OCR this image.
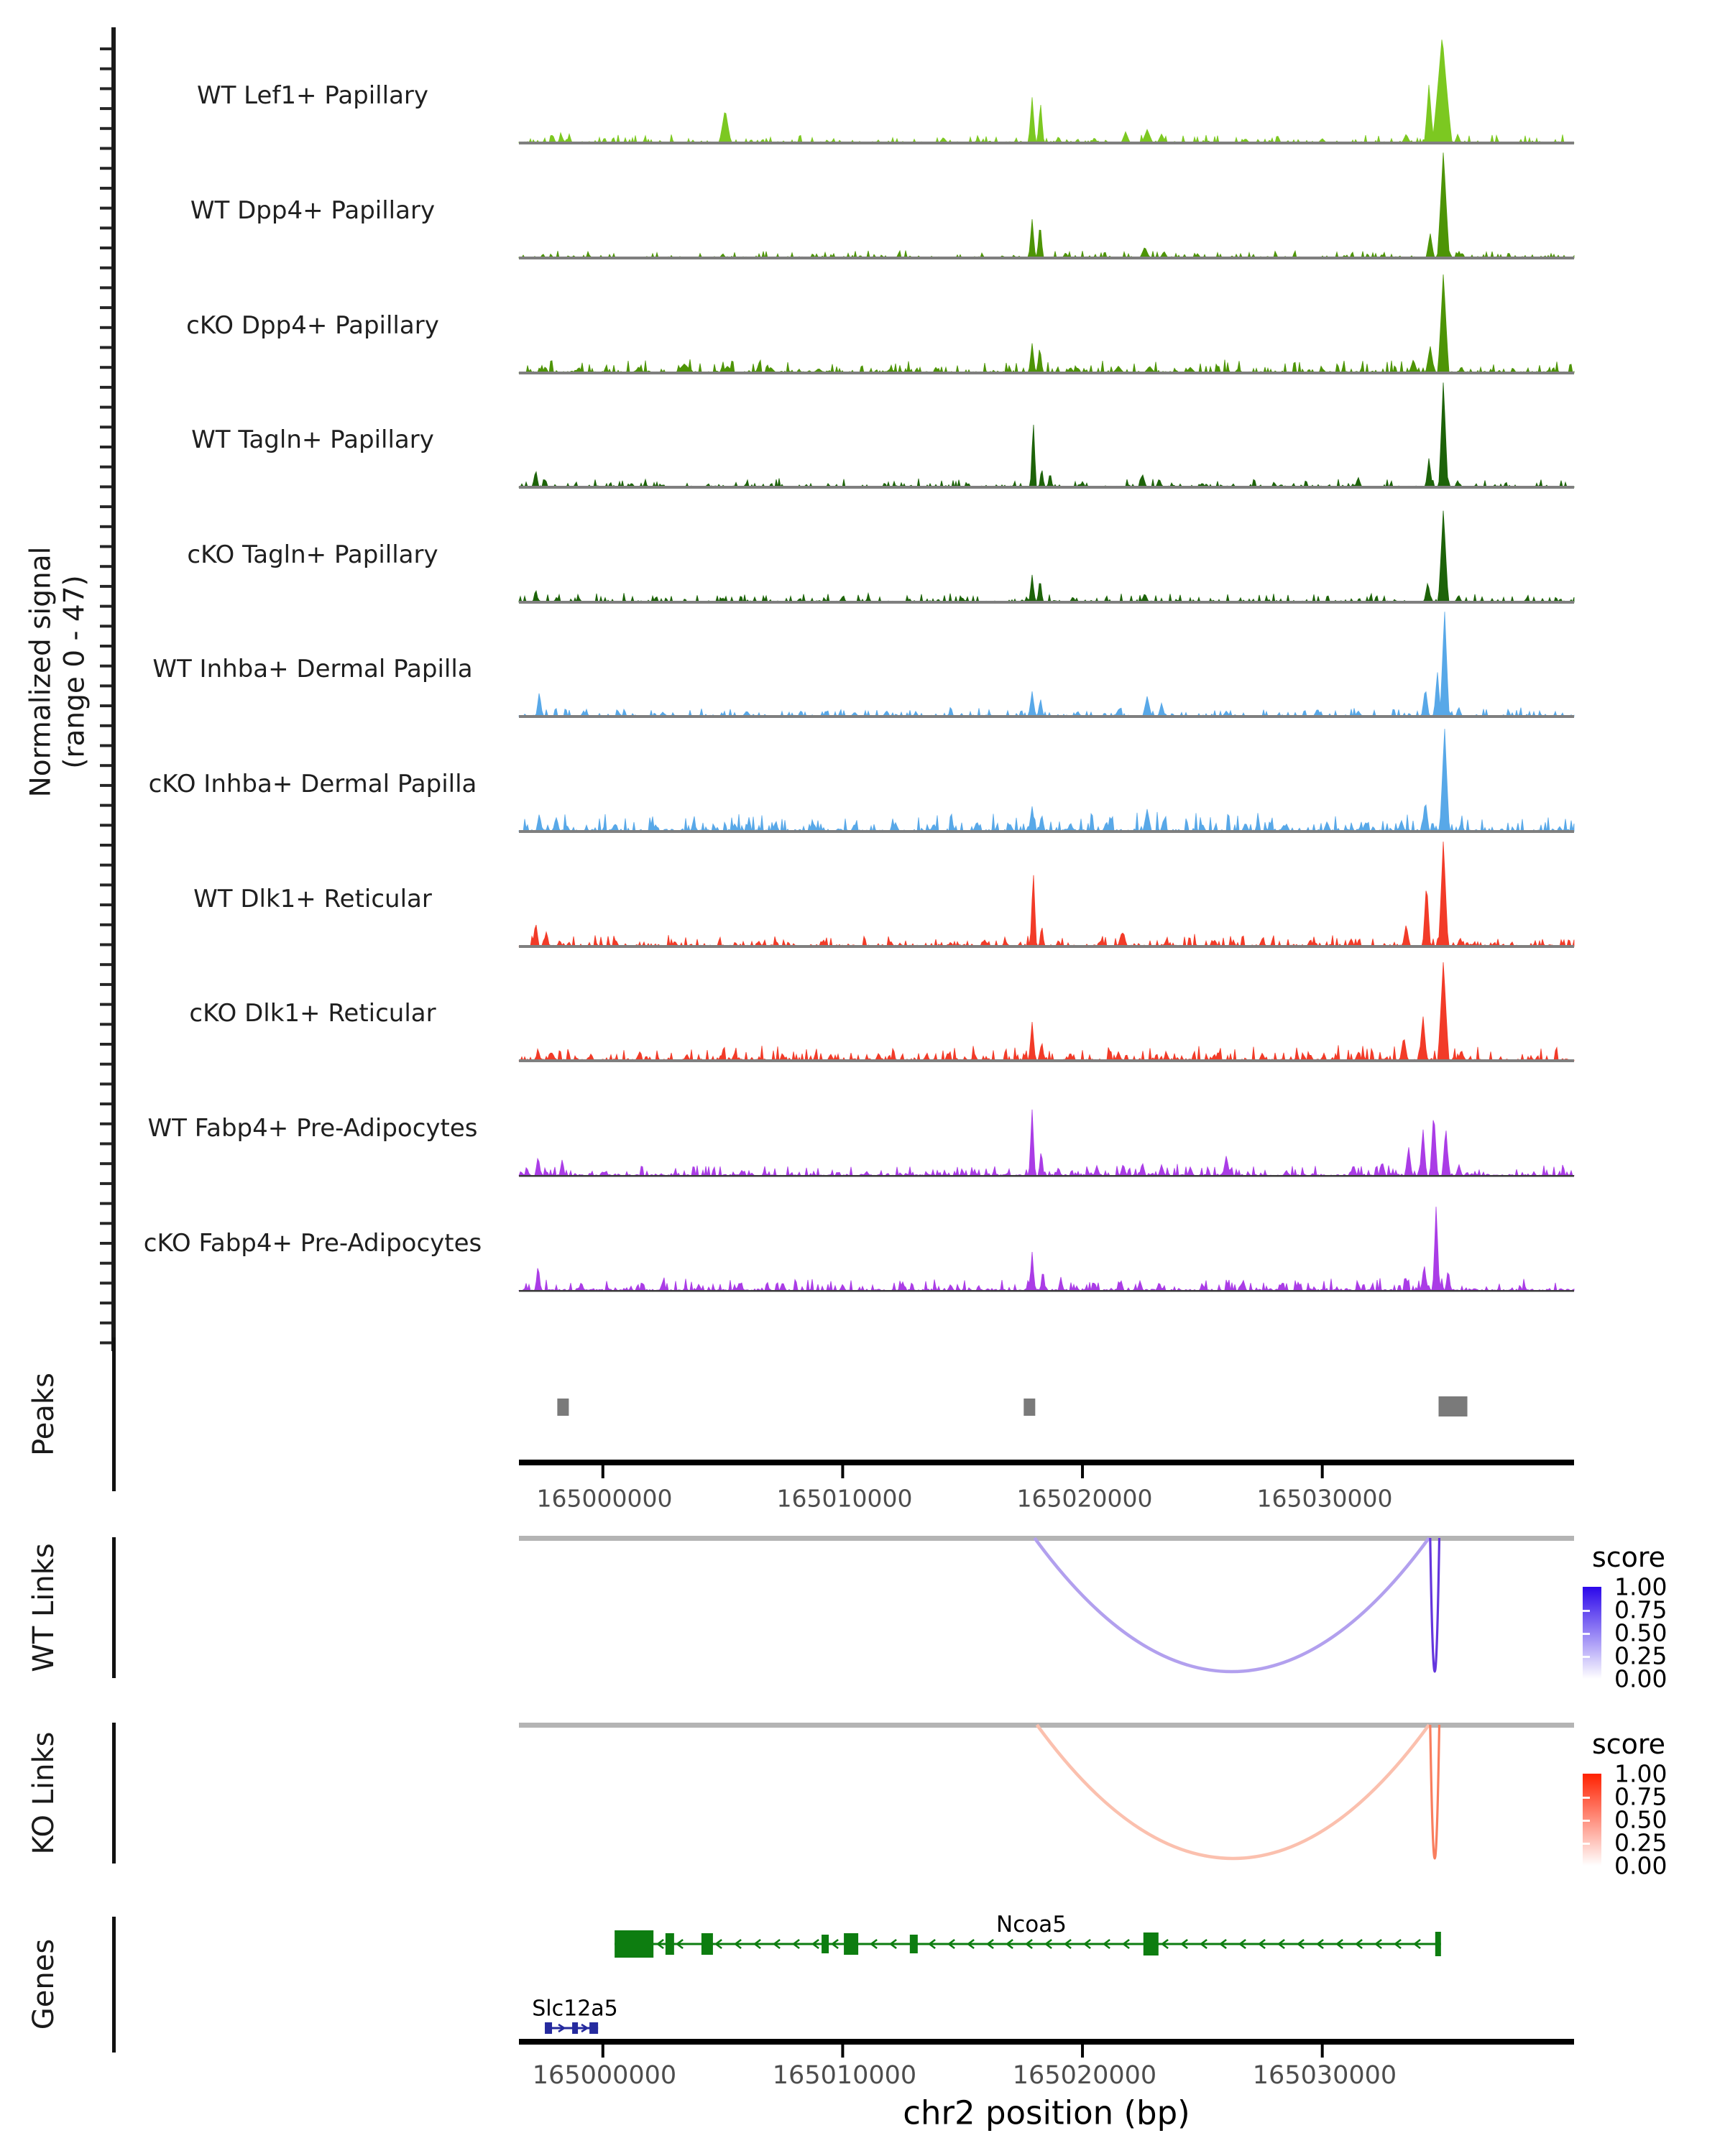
Normalized signal (range 0 - 47)
WT Lef1+ Papillary
WT Dpp4+ Papillary
cKO Dpp4+ Papillary
WT Tagln+ Papillary
cKO Tagln+ Papillary
WT Inhba+ Dermal Papilla
cKO Inhba+ Dermal Papilla
WT Dlk1+ Reticular
cKO Dlk1+ Reticular
WT Fabp4+ Pre-Adipocytes
cKO Fabp4+ Pre-Adipocytes
Peaks
WT Links
KO Links
Genes
165000000	165010000	165020000	165030000
score
1.00
0.75
0.50
0.25
0.00
score
1.00
0.75
0.50
0.25
0.00
Ncoa5
Slc12a5
165000000	165010000	165020000	165030000
chr2 position (bp)
